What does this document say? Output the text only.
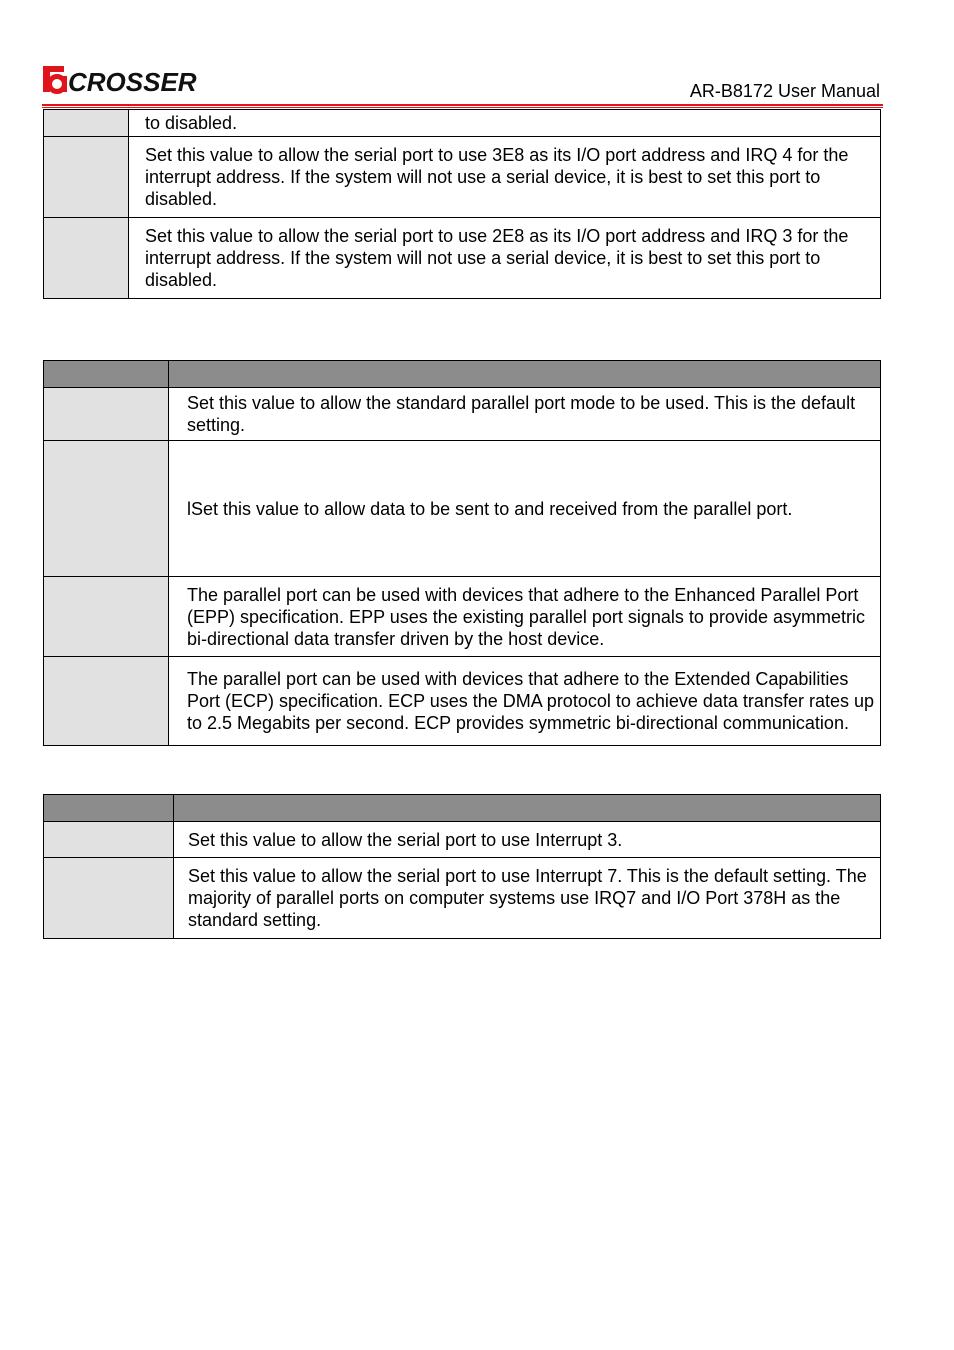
CROSSER	AR-B8172 User Manual

	to disabled.

	Set this value to allow the serial port to use 3E8 as its I/O port address and IRQ 4 for the interrupt address. If the system will not use a serial device, it is best to set this port to disabled.

	Set this value to allow the serial port to use 2E8 as its I/O port address and IRQ 3 for the interrupt address. If the system will not use a serial device, it is best to set this port to disabled.

	Set this value to allow the standard parallel port mode to be used. This is the default setting.

	lSet this value to allow data to be sent to and received from the parallel port.

	The parallel port can be used with devices that adhere to the Enhanced Parallel Port (EPP) specification. EPP uses the existing parallel port signals to provide asymmetric bi-directional data transfer driven by the host device.

	The parallel port can be used with devices that adhere to the Extended Capabilities Port (ECP) specification. ECP uses the DMA protocol to achieve data transfer rates up to 2.5 Megabits per second. ECP provides symmetric bi-directional communication.

	Set this value to allow the serial port to use Interrupt 3.

	Set this value to allow the serial port to use Interrupt 7. This is the default setting. The majority of parallel ports on computer systems use IRQ7 and I/O Port 378H as the standard setting.
